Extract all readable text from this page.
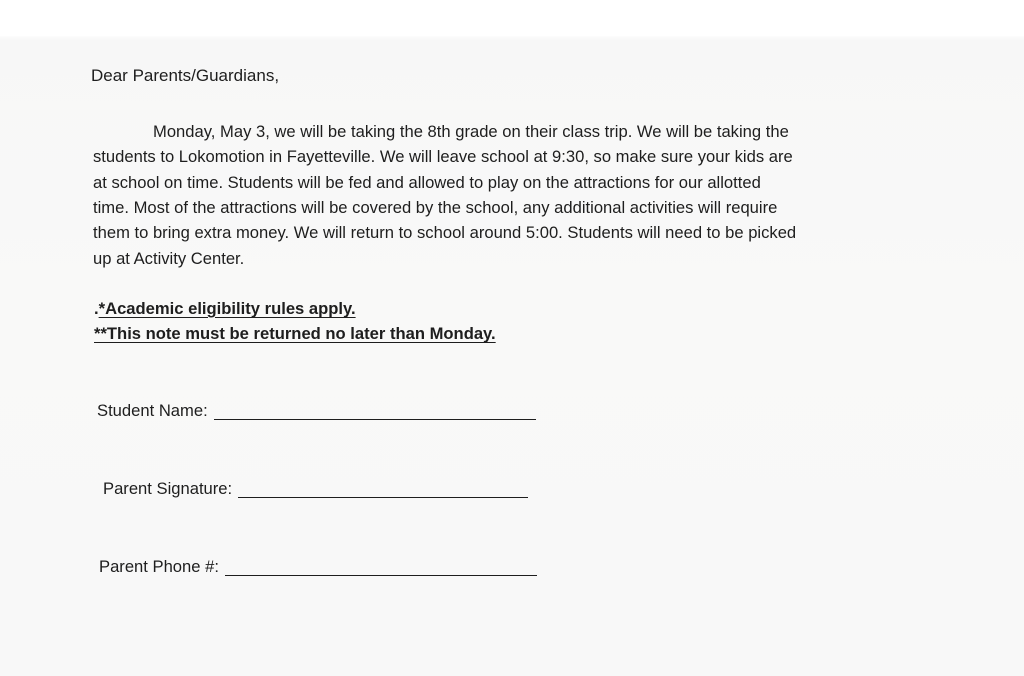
Dear Parents/Guardians,
Monday, May 3, we will be taking the 8th grade on their class trip. We will be taking the
students to Lokomotion in Fayetteville. We will leave school at 9:30, so make sure your kids are
at school on time. Students will be fed and allowed to play on the attractions for our allotted
time. Most of the attractions will be covered by the school, any additional activities will require
them to bring extra money. We will return to school around 5:00. Students will need to be picked
up at Activity Center.
.*Academic eligibility rules apply.
**This note must be returned no later than Monday.
Student Name:
Parent Signature:
Parent Phone #:
